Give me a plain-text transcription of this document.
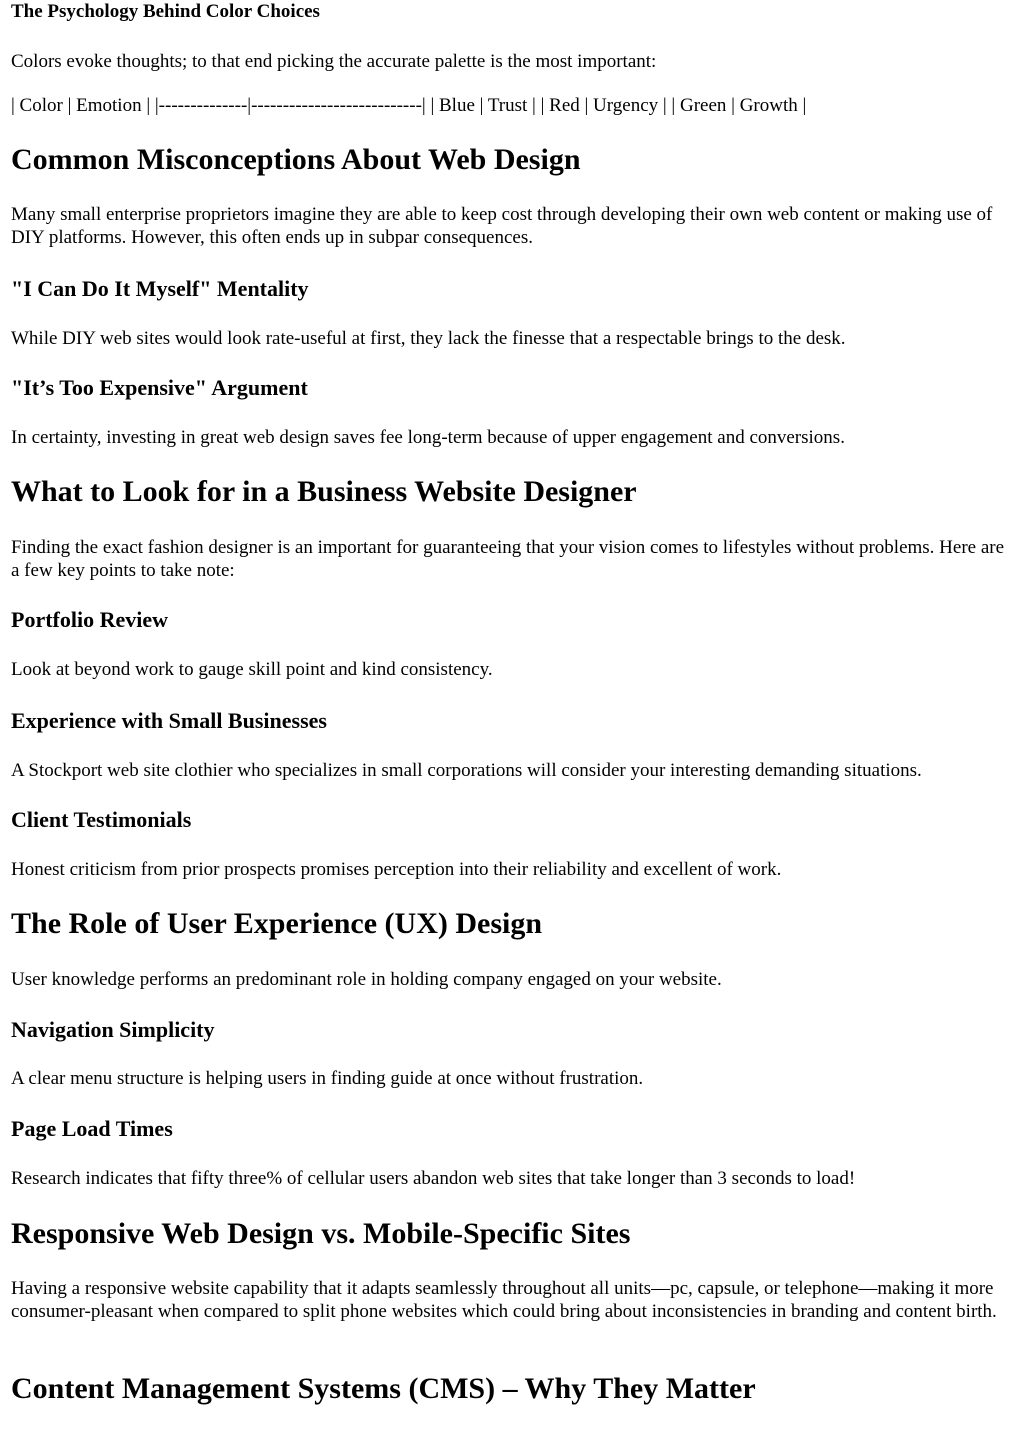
The Psychology Behind Color Choices
Colors evoke thoughts; to that end picking the accurate palette is the most important:
| Color | Emotion | |--------------|---------------------------| | Blue | Trust | | Red | Urgency | | Green | Growth |
Common Misconceptions About Web Design
Many small enterprise proprietors imagine they are able to keep cost through developing their own web content or making use of DIY platforms. However, this often ends up in subpar consequences.
"I Can Do It Myself" Mentality
While DIY web sites would look rate-useful at first, they lack the finesse that a respectable brings to the desk.
"It’s Too Expensive" Argument
In certainty, investing in great web design saves fee long-term because of upper engagement and conversions.
What to Look for in a Business Website Designer
Finding the exact fashion designer is an important for guaranteeing that your vision comes to lifestyles without problems. Here are a few key points to take note:
Portfolio Review
Look at beyond work to gauge skill point and kind consistency.
Experience with Small Businesses
A Stockport web site clothier who specializes in small corporations will consider your interesting demanding situations.
Client Testimonials
Honest criticism from prior prospects promises perception into their reliability and excellent of work.
The Role of User Experience (UX) Design
User knowledge performs an predominant role in holding company engaged on your website.
Navigation Simplicity
A clear menu structure is helping users in finding guide at once without frustration.
Page Load Times
Research indicates that fifty three% of cellular users abandon web sites that take longer than 3 seconds to load!
Responsive Web Design vs. Mobile-Specific Sites
Having a responsive website capability that it adapts seamlessly throughout all units—pc, capsule, or telephone—making it more consumer-pleasant when compared to split phone websites which could bring about inconsistencies in branding and content birth.
Content Management Systems (CMS) – Why They Matter
